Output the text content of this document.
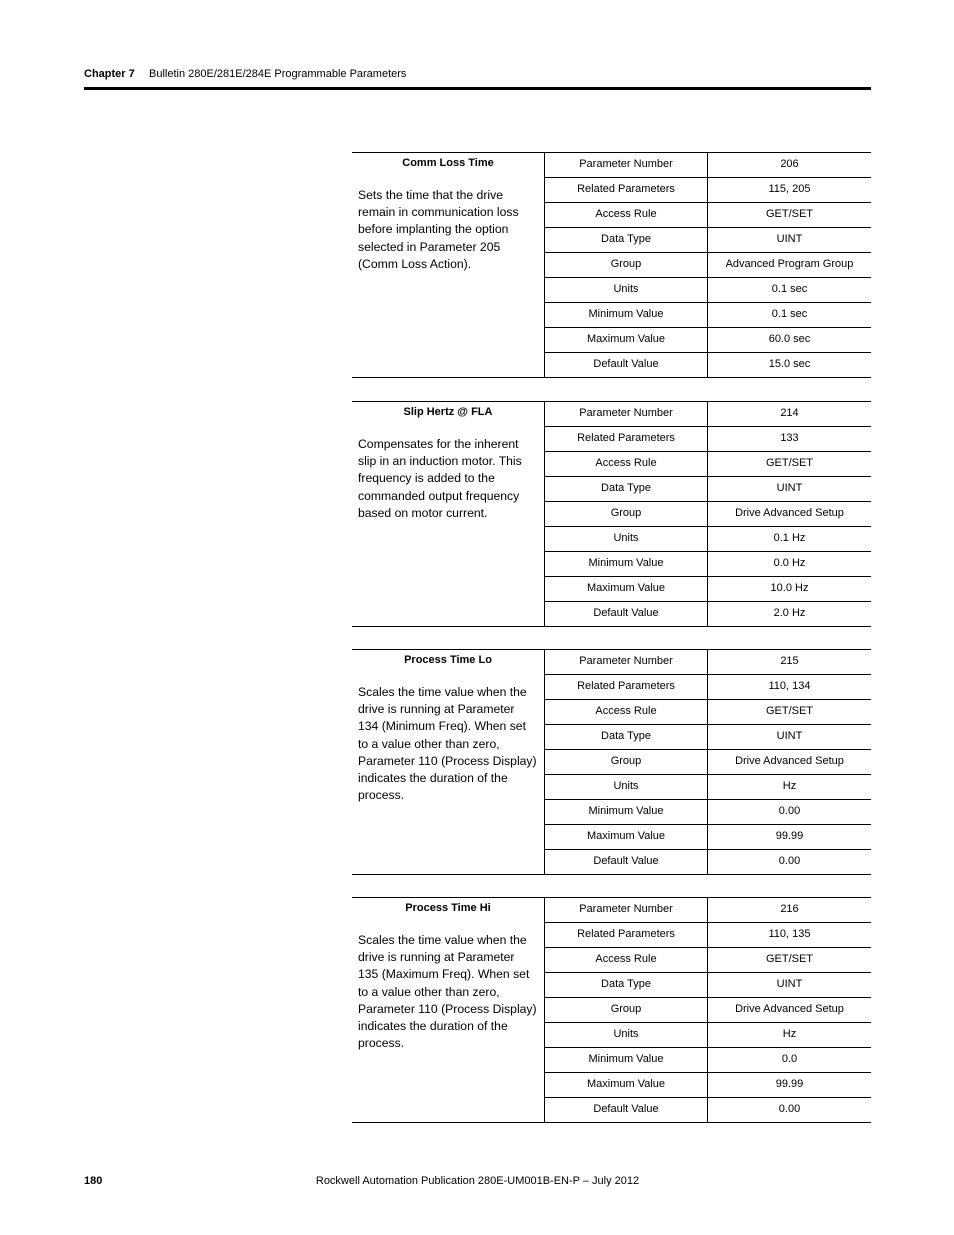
Chapter 7 Bulletin 280E/281E/284E Programmable Parameters

Comm Loss Time

Sets the time that the drive remain in communication loss before implanting the option selected in Parameter 205 (Comm Loss Action).

Parameter Number	206
Related Parameters	115, 205
Access Rule	GET/SET
Data Type	UINT
Group	Advanced Program Group
Units	0.1 sec
Minimum Value	0.1 sec
Maximum Value	60.0 sec
Default Value	15.0 sec

Slip Hertz @ FLA

Compensates for the inherent slip in an induction motor. This frequency is added to the commanded output frequency based on motor current.

Parameter Number	214
Related Parameters	133
Access Rule	GET/SET
Data Type	UINT
Group	Drive Advanced Setup
Units	0.1 Hz
Minimum Value	0.0 Hz
Maximum Value	10.0 Hz
Default Value	2.0 Hz

Process Time Lo

Scales the time value when the drive is running at Parameter 134 (Minimum Freq). When set to a value other than zero, Parameter 110 (Process Display) indicates the duration of the process.

Parameter Number	215
Related Parameters	110, 134
Access Rule	GET/SET
Data Type	UINT
Group	Drive Advanced Setup
Units	Hz
Minimum Value	0.00
Maximum Value	99.99
Default Value	0.00

Process Time Hi

Scales the time value when the drive is running at Parameter 135 (Maximum Freq). When set to a value other than zero, Parameter 110 (Process Display) indicates the duration of the process.

Parameter Number	216
Related Parameters	110, 135
Access Rule	GET/SET
Data Type	UINT
Group	Drive Advanced Setup
Units	Hz
Minimum Value	0.0
Maximum Value	99.99
Default Value	0.00
180	Rockwell Automation Publication 280E-UM001B-EN-P – July 2012
